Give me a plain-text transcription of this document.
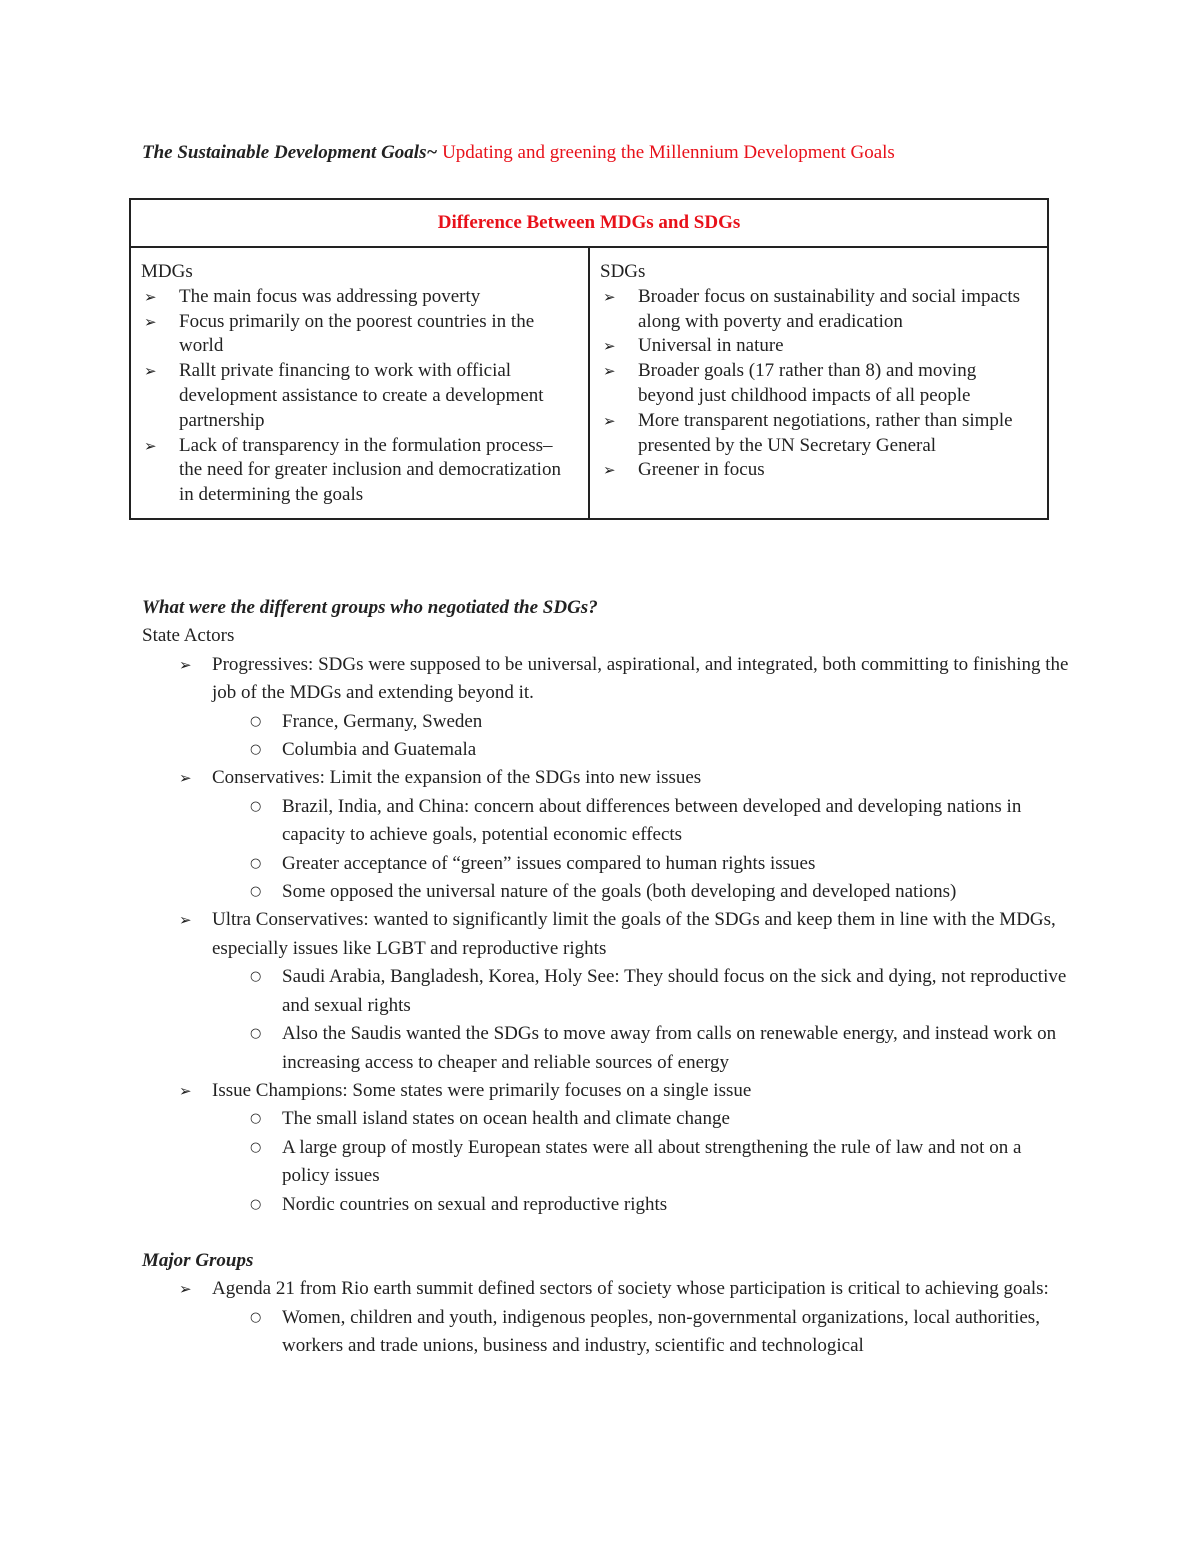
The Sustainable Development Goals~ Updating and greening the Millennium Development Goals
Difference Between MDGs and SDGs

MDGs

➢ The main focus was addressing poverty
➢ Focus primarily on the poorest countries in the world
➢ Rallt private financing to work with official development assistance to create a development partnership
➢ Lack of transparency in the formulation process– the need for greater inclusion and democratization in determining the goals

SDGs

➢ Broader focus on sustainability and social impacts along with poverty and eradication
➢ Universal in nature
➢ Broader goals (17 rather than 8) and moving beyond just childhood impacts of all people
➢ More transparent negotiations, rather than simple presented by the UN Secretary General
➢ Greener in focus

What were the different groups who negotiated the SDGs?

State Actors

➢ Progressives: SDGs were supposed to be universal, aspirational, and integrated, both committing to finishing the job of the MDGs and extending beyond it.
○ France, Germany, Sweden
○ Columbia and Guatemala
➢ Conservatives: Limit the expansion of the SDGs into new issues
○ Brazil, India, and China: concern about differences between developed and developing nations in capacity to achieve goals, potential economic effects
○ Greater acceptance of “green” issues compared to human rights issues
○ Some opposed the universal nature of the goals (both developing and developed nations)
➢ Ultra Conservatives: wanted to significantly limit the goals of the SDGs and keep them in line with the MDGs, especially issues like LGBT and reproductive rights
○ Saudi Arabia, Bangladesh, Korea, Holy See: They should focus on the sick and dying, not reproductive and sexual rights
○ Also the Saudis wanted the SDGs to move away from calls on renewable energy, and instead work on increasing access to cheaper and reliable sources of energy
➢ Issue Champions: Some states were primarily focuses on a single issue
○ The small island states on ocean health and climate change
○ A large group of mostly European states were all about strengthening the rule of law and not on a policy issues
○ Nordic countries on sexual and reproductive rights

Major Groups

➢ Agenda 21 from Rio earth summit defined sectors of society whose participation is critical to achieving goals:
○ Women, children and youth, indigenous peoples, non-governmental organizations, local authorities, workers and trade unions, business and industry, scientific and technological
